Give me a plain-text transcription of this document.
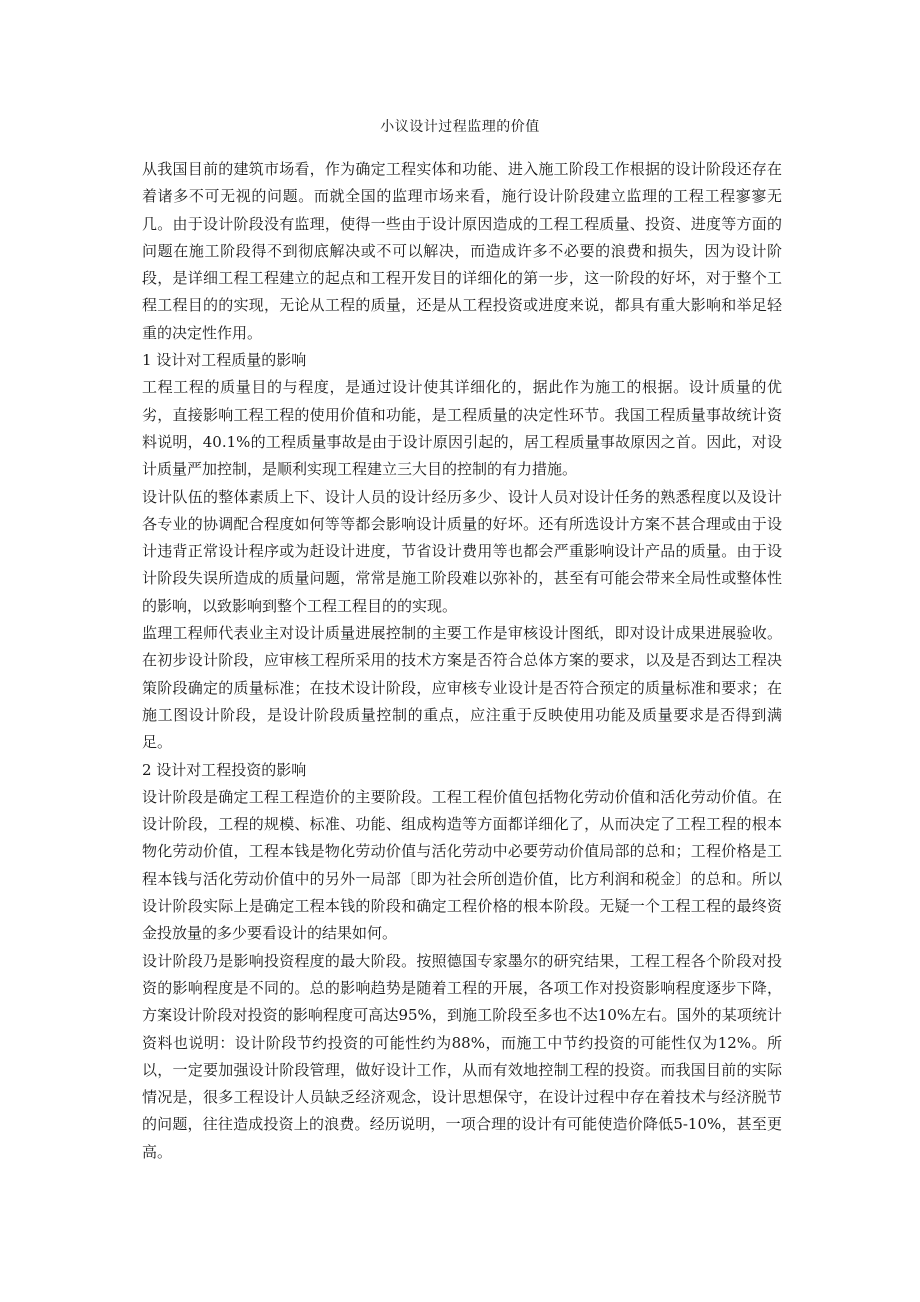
小议设计过程监理的价值

从我国目前的建筑市场看，作为确定工程实体和功能、进入施工阶段工作根据的设计阶段还存在着诸多不可无视的问题。而就全国的监理市场来看，施行设计阶段建立监理的工程工程寥寥无几。由于设计阶段没有监理，使得一些由于设计原因造成的工程工程质量、投资、进度等方面的问题在施工阶段得不到彻底解决或不可以解决，而造成许多不必要的浪费和损失，因为设计阶段，是详细工程工程建立的起点和工程开发目的详细化的第一步，这一阶段的好坏，对于整个工程工程目的的实现，无论从工程的质量，还是从工程投资或进度来说，都具有重大影响和举足轻重的决定性作用。

1 设计对工程质量的影响

工程工程的质量目的与程度，是通过设计使其详细化的，据此作为施工的根据。设计质量的优劣，直接影响工程工程的使用价值和功能，是工程质量的决定性环节。我国工程质量事故统计资料说明，40.1%的工程质量事故是由于设计原因引起的，居工程质量事故原因之首。因此，对设计质量严加控制，是顺利实现工程建立三大目的控制的有力措施。

设计队伍的整体素质上下、设计人员的设计经历多少、设计人员对设计任务的熟悉程度以及设计各专业的协调配合程度如何等等都会影响设计质量的好坏。还有所选设计方案不甚合理或由于设计违背正常设计程序或为赶设计进度，节省设计费用等也都会严重影响设计产品的质量。由于设计阶段失误所造成的质量问题，常常是施工阶段难以弥补的，甚至有可能会带来全局性或整体性的影响，以致影响到整个工程工程目的的实现。

监理工程师代表业主对设计质量进展控制的主要工作是审核设计图纸，即对设计成果进展验收。在初步设计阶段，应审核工程所采用的技术方案是否符合总体方案的要求，以及是否到达工程决策阶段确定的质量标准；在技术设计阶段，应审核专业设计是否符合预定的质量标准和要求；在施工图设计阶段，是设计阶段质量控制的重点，应注重于反映使用功能及质量要求是否得到满足。

2 设计对工程投资的影响

设计阶段是确定工程工程造价的主要阶段。工程工程价值包括物化劳动价值和活化劳动价值。在设计阶段，工程的规模、标准、功能、组成构造等方面都详细化了，从而决定了工程工程的根本物化劳动价值，工程本钱是物化劳动价值与活化劳动中必要劳动价值局部的总和；工程价格是工程本钱与活化劳动价值中的另外一局部〔即为社会所创造价值，比方利润和税金〕的总和。所以设计阶段实际上是确定工程本钱的阶段和确定工程价格的根本阶段。无疑一个工程工程的最终资金投放量的多少要看设计的结果如何。

设计阶段乃是影响投资程度的最大阶段。按照德国专家墨尔的研究结果，工程工程各个阶段对投资的影响程度是不同的。总的影响趋势是随着工程的开展，各项工作对投资影响程度逐步下降，方案设计阶段对投资的影响程度可高达95%，到施工阶段至多也不达10%左右。国外的某项统计资料也说明：设计阶段节约投资的可能性约为88%，而施工中节约投资的可能性仅为12%。所以，一定要加强设计阶段管理，做好设计工作，从而有效地控制工程的投资。而我国目前的实际情况是，很多工程设计人员缺乏经济观念，设计思想保守，在设计过程中存在着技术与经济脱节的问题，往往造成投资上的浪费。经历说明，一项合理的设计有可能使造价降低5-10%，甚至更高。
